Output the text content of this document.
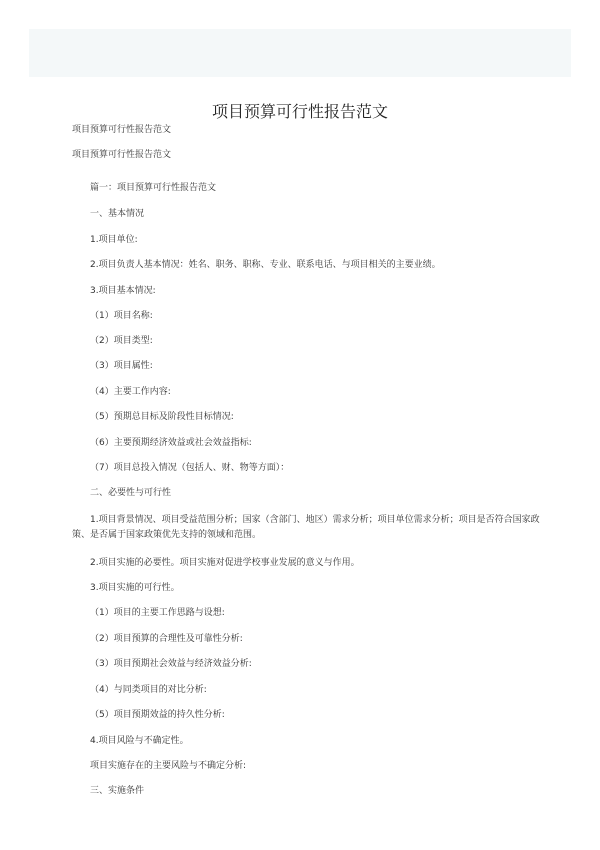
项目预算可行性报告范文

项目预算可行性报告范文

项目预算可行性报告范文

篇一：项目预算可行性报告范文

一、基本情况

1.项目单位:

2.项目负责人基本情况：姓名、职务、职称、专业、联系电话、与项目相关的主要业绩。

3.项目基本情况:

（1）项目名称:

（2）项目类型:

（3）项目属性:

（4）主要工作内容:

（5）预期总目标及阶段性目标情况:

（6）主要预期经济效益或社会效益指标:

（7）项目总投入情况（包括人、财、物等方面）：

二、必要性与可行性

1.项目背景情况、项目受益范围分析；国家（含部门、地区）需求分析；项目单位需求分析；项目是否符合国家政策、是否属于国家政策优先支持的领域和范围。

2.项目实施的必要性。项目实施对促进学校事业发展的意义与作用。

3.项目实施的可行性。

（1）项目的主要工作思路与设想:

（2）项目预算的合理性及可靠性分析:

（3）项目预期社会效益与经济效益分析:

（4）与同类项目的对比分析:

（5）项目预期效益的持久性分析:

4.项目风险与不确定性。

项目实施存在的主要风险与不确定分析:

三、实施条件
